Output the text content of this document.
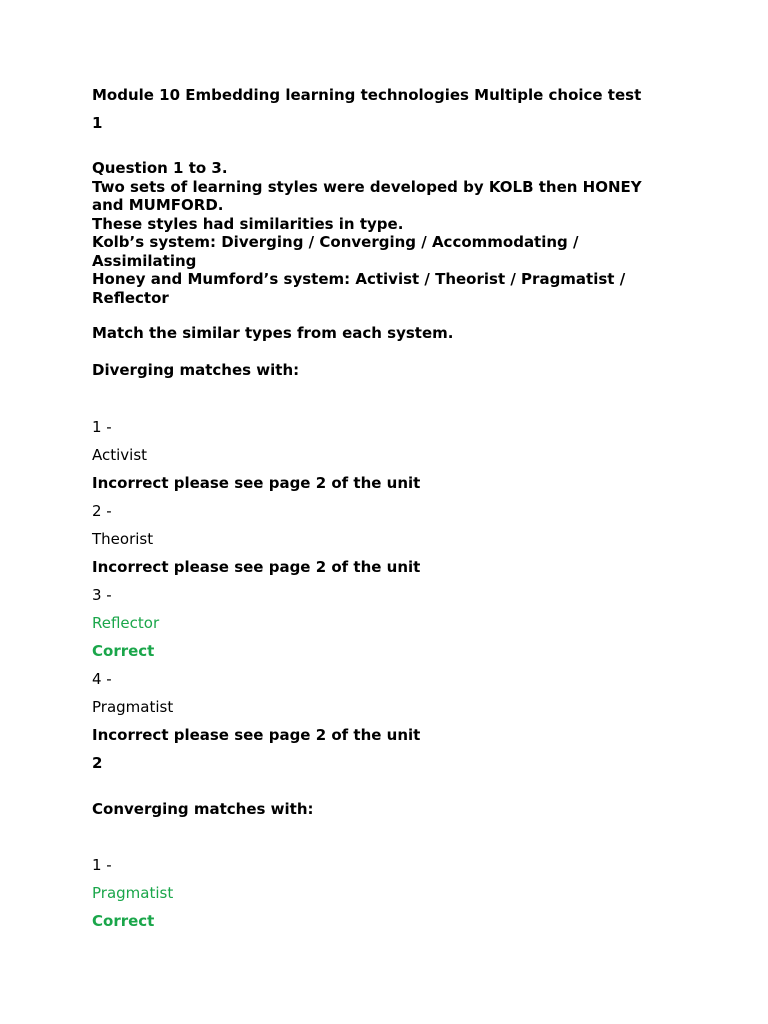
Module 10 Embedding learning technologies Multiple choice test
1
Question 1 to 3.
Two sets of learning styles were developed by KOLB then HONEY
and MUMFORD.
These styles had similarities in type.
Kolb’s system: Diverging / Converging / Accommodating /
Assimilating
Honey and Mumford’s system: Activist / Theorist / Pragmatist /
Reflector
Match the similar types from each system.
Diverging matches with:
1 -
Activist
Incorrect please see page 2 of the unit
2 -
Theorist
Incorrect please see page 2 of the unit
3 -
Reflector
Correct
4 -
Pragmatist
Incorrect please see page 2 of the unit
2
Converging matches with:
1 -
Pragmatist
Correct
